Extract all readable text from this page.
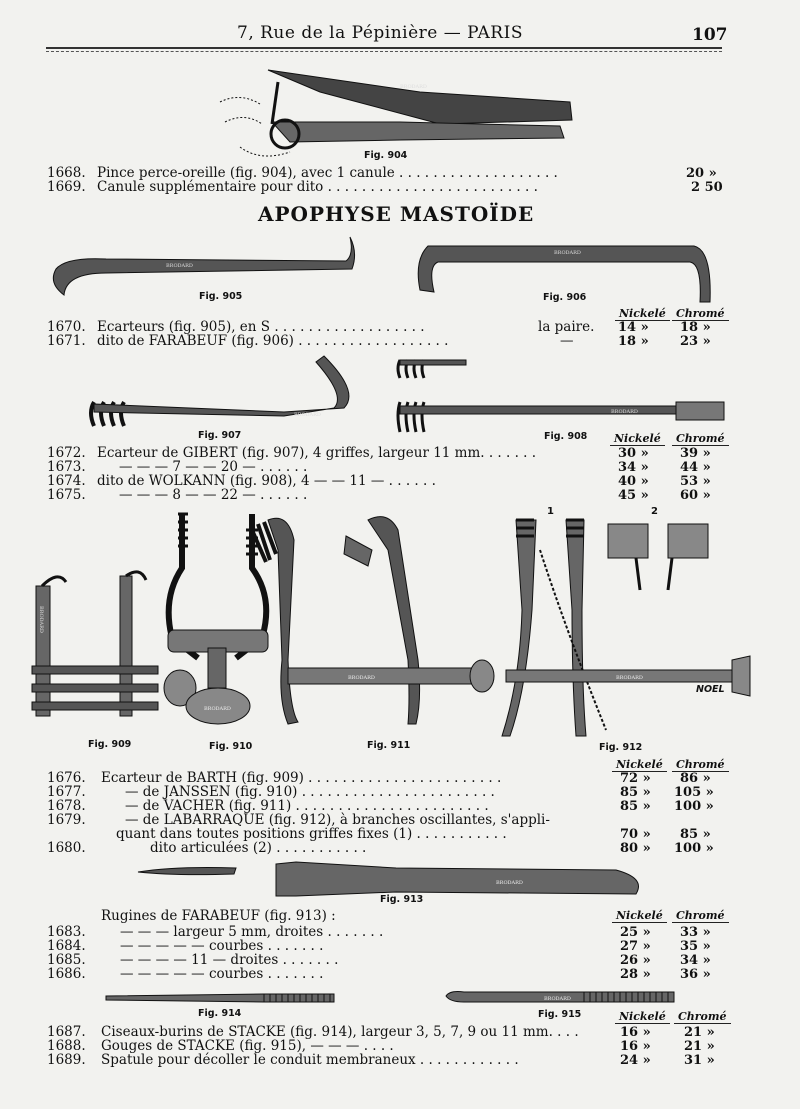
7, Rue de la Pépinière — PARIS	107
BRODARD
Fig. 904
1668. Pince perce-oreille (fig. 904), avec 1 canule . . . . . . . . . . . . . . . . . . .	20 »
1669. Canule supplémentaire pour dito . . . . . . . . . . . . . . . . . . . . . . . . .	2 50
APOPHYSE MASTOÏDE
BRODARD
Fig. 905
BRODARD
Fig. 906
Nickelé Chromé
1670. Ecarteurs (fig. 905), en S . . . . . . . . . . . . . . . . . .	la paire. 14 »	18 »
1671. dito de FARABEUF (fig. 906) . . . . . . . . . . . . . . . . . .	—	18 »	23 »
BRODARD
Fig. 907
BRODARD
Fig. 908	Nickelé	Chromé
1672. Ecarteur de GIBERT (fig. 907), 4 griffes, largeur 11 mm. . . . . . .	30 »	39 »
1673. — — — 7 — — 20 — . . . . . .	34 »	44 »
1674. dito de WOLKANN (fig. 908), 4 — — 11 — . . . . . .	40 »	53 »
1675. — — — 8 — — 22 — . . . . . .	45 »	60 »
BRODARD
Fig. 909
BRODARD
Fig. 910
BRODARD
Fig. 911
BRODARD
1	2
NOEL
Fig. 912
Nickelé	Chromé
1676. Ecarteur de BARTH (fig. 909) . . . . . . . . . . . . . . . . . . . . . . .	72 »	86 »
1677.	— de JANSSEN (fig. 910) . . . . . . . . . . . . . . . . . . . . . . .	85 »	105 »
1678.	— de VACHER (fig. 911) . . . . . . . . . . . . . . . . . . . . . . .	85 »	100 »
1679.	— de LABARRAQUE (fig. 912), à branches oscillantes, s'appli-
quant dans toutes positions griffes fixes (1) . . . . . . . . . . .	70 »	85 »
1680.	dito articulées (2) . . . . . . . . . . .	80 »	100 »
BRODARD
Fig. 913
Rugines de FARABEUF (fig. 913) :	Nickelé	Chromé
1683.	— — — largeur 5 mm, droites . . . . . . .	25 »	33 »
1684.	— — — — — courbes . . . . . . .	27 »	35 »
1685.	— — — — 11 — droites . . . . . . .	26 »	34 »
1686.	— — — — — courbes . . . . . . .	28 »	36 »
Fig. 914
BRODARD
Fig. 915	Nickelé	Chromé
1687. Ciseaux-burins de STACKE (fig. 914), largeur 3, 5, 7, 9 ou 11 mm. . . .	16 »	21 »
1688. Gouges de STACKE (fig. 915), — — — . . . .	16 »	21 »
1689. Spatule pour décoller le conduit membraneux . . . . . . . . . . . .	24 »	31 »
